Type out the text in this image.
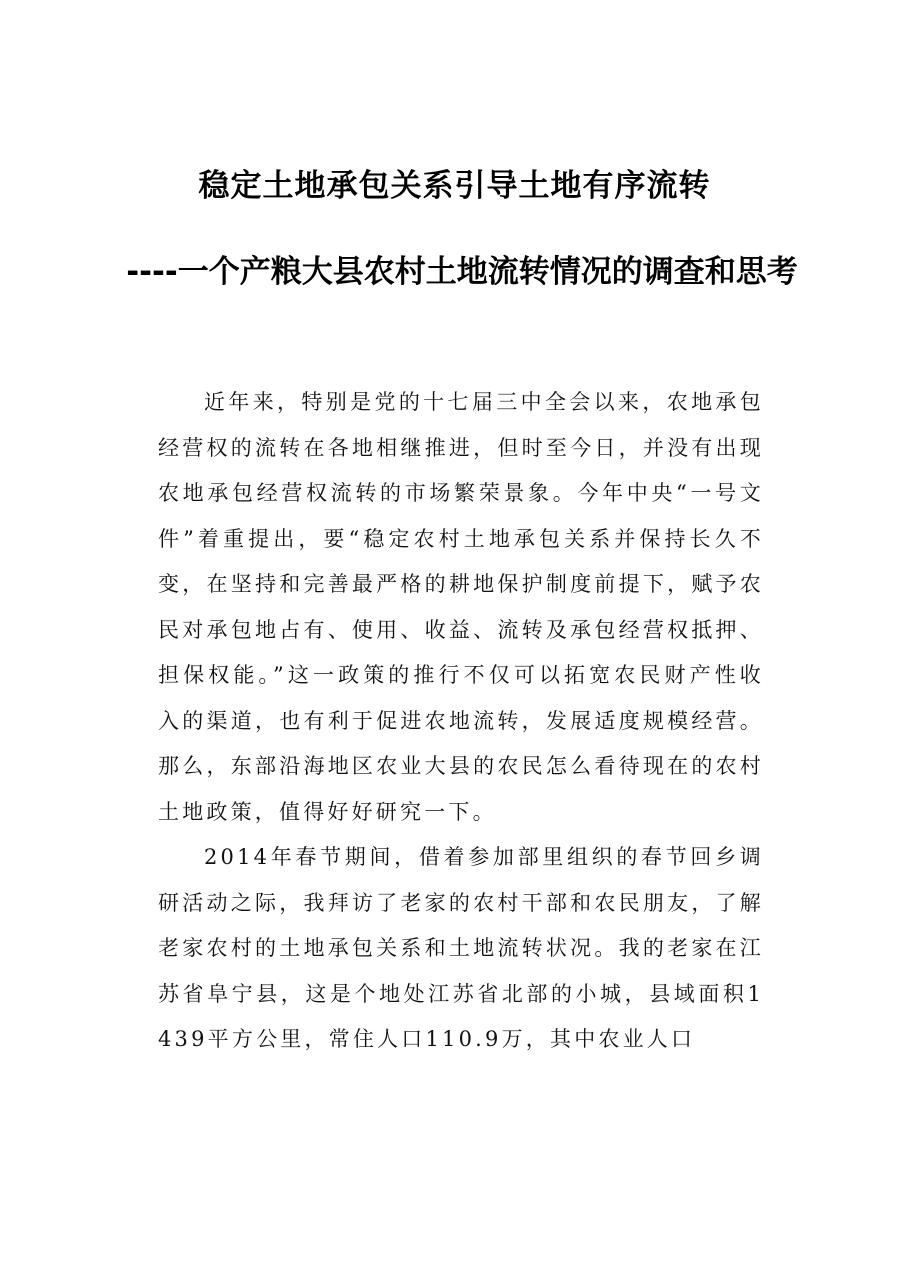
稳定土地承包关系引导土地有序流转
----一个产粮大县农村土地流转情况的调查和思考

近年来，特别是党的十七届三中全会以来，农地承包经营权的流转在各地相继推进，但时至今日，并没有出现农地承包经营权流转的市场繁荣景象。今年中央“一号文件”着重提出，要“稳定农村土地承包关系并保持长久不变，在坚持和完善最严格的耕地保护制度前提下，赋予农民对承包地占有、使用、收益、流转及承包经营权抵押、担保权能。”这一政策的推行不仅可以拓宽农民财产性收入的渠道，也有利于促进农地流转，发展适度规模经营。那么，东部沿海地区农业大县的农民怎么看待现在的农村土地政策，值得好好研究一下。

2014年春节期间，借着参加部里组织的春节回乡调研活动之际，我拜访了老家的农村干部和农民朋友，了解老家农村的土地承包关系和土地流转状况。我的老家在江苏省阜宁县，这是个地处江苏省北部的小城，县域面积1439平方公里，常住人口110.9万，其中农业人口
